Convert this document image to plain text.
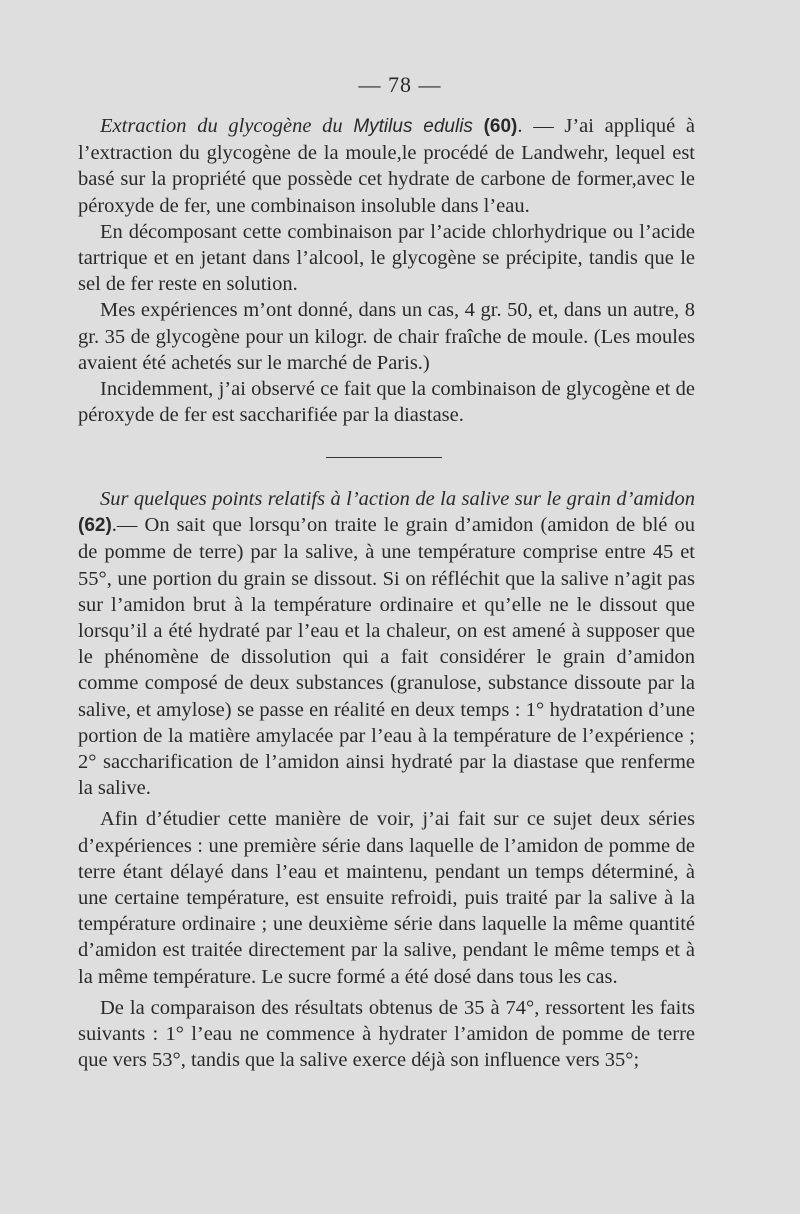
— 78 —

Extraction du glycogène du Mytilus edulis (60). — J’ai appliqué à l’extraction du glycogène de la moule,le procédé de Landwehr, lequel est basé sur la propriété que possède cet hydrate de carbone de former,avec le péroxyde de fer, une combinaison insoluble dans l’eau.

En décomposant cette combinaison par l’acide chlorhydrique ou l’acide tartrique et en jetant dans l’alcool, le glycogène se précipite, tandis que le sel de fer reste en solution.

Mes expériences m’ont donné, dans un cas, 4 gr. 50, et, dans un autre, 8 gr. 35 de glycogène pour un kilogr. de chair fraîche de moule. (Les moules avaient été achetés sur le marché de Paris.)

Incidemment, j’ai observé ce fait que la combinaison de glycogène et de péroxyde de fer est saccharifiée par la diastase.

Sur quelques points relatifs à l’action de la salive sur le grain d’amidon (62).— On sait que lorsqu’on traite le grain d’amidon (amidon de blé ou de pomme de terre) par la salive, à une température comprise entre 45 et 55°, une portion du grain se dissout. Si on réfléchit que la salive n’agit pas sur l’amidon brut à la température ordinaire et qu’elle ne le dissout que lorsqu’il a été hydraté par l’eau et la chaleur, on est amené à supposer que le phénomène de dissolution qui a fait considérer le grain d’amidon comme composé de deux substances (granulose, substance dissoute par la salive, et amylose) se passe en réalité en deux temps : 1° hydratation d’une portion de la matière amylacée par l’eau à la température de l’expérience ; 2° saccharification de l’amidon ainsi hydraté par la diastase que renferme la salive.

Afin d’étudier cette manière de voir, j’ai fait sur ce sujet deux séries d’expériences : une première série dans laquelle de l’amidon de pomme de terre étant délayé dans l’eau et maintenu, pendant un temps déterminé, à une certaine température, est ensuite refroidi, puis traité par la salive à la température ordinaire ; une deuxième série dans laquelle la même quantité d’amidon est traitée directement par la salive, pendant le même temps et à la même température. Le sucre formé a été dosé dans tous les cas.

De la comparaison des résultats obtenus de 35 à 74°, ressortent les faits suivants : 1° l’eau ne commence à hydrater l’amidon de pomme de terre que vers 53°, tandis que la salive exerce déjà son influence vers 35°;
